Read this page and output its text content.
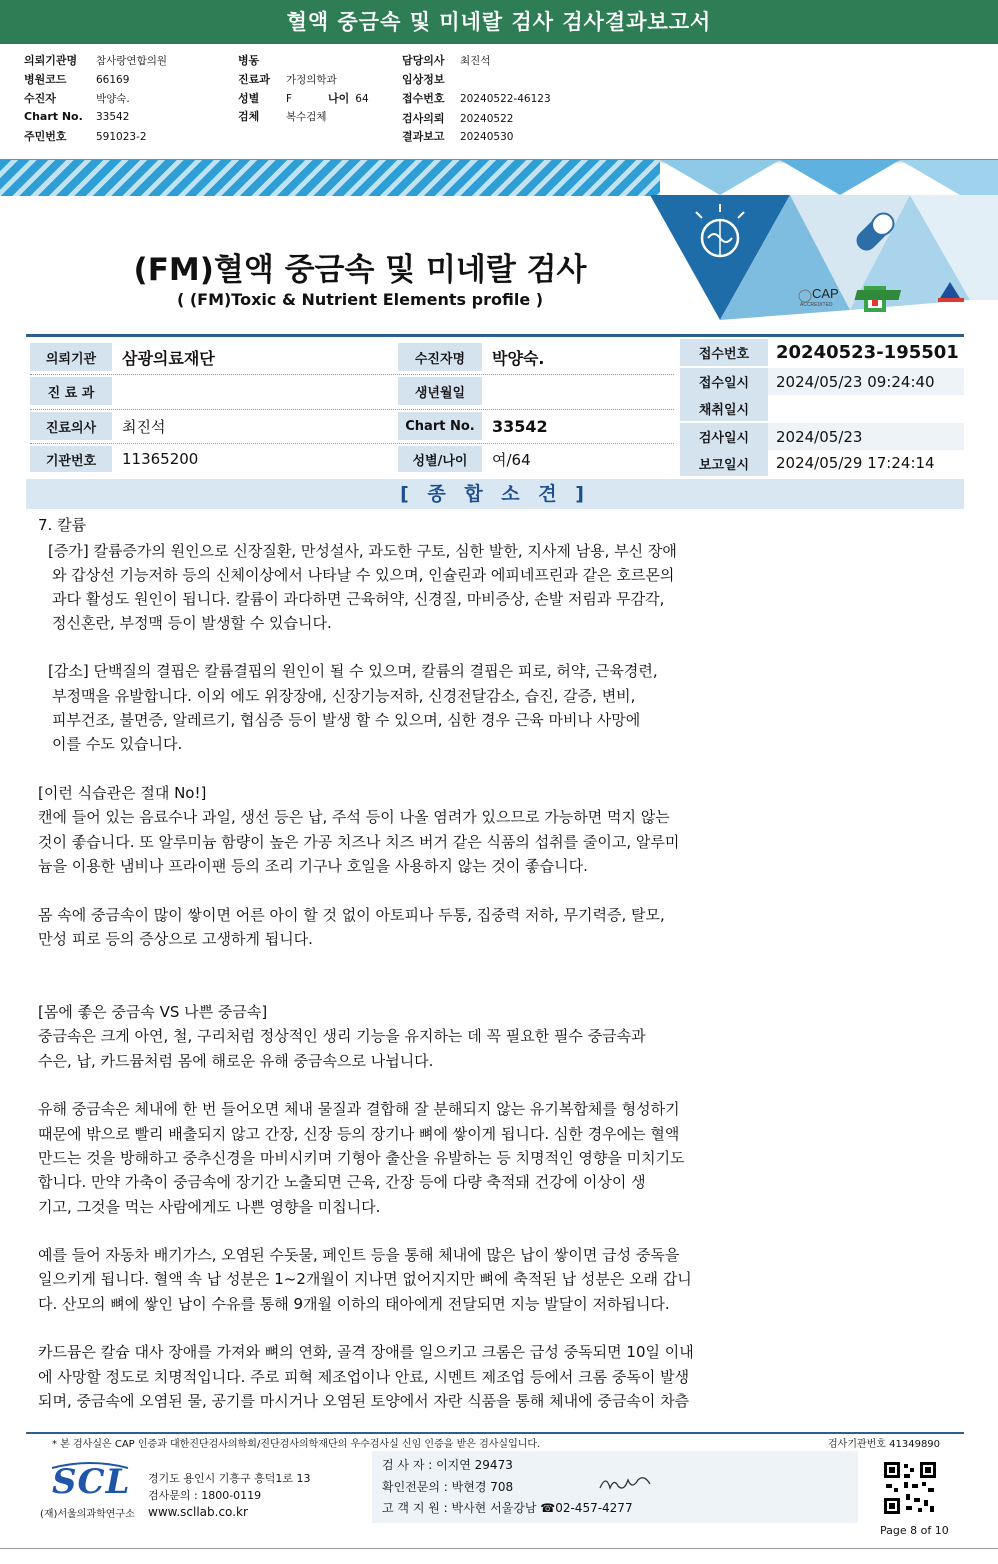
혈액 중금속 및 미네랄 검사 검사결과보고서
의뢰기관명 참사랑연합의원
병원코드	66169
수진자	박양숙.
Chart No. 33542
주민번호	591023-2
병동
진료과 가정의학과
성별	F	나이 64
검체	복수검체
담당의사 최진석
임상정보
접수번호 20240522-46123
검사의뢰 20240522
결과보고 20240530
CAP
ACCREDITED
(FM)혈액 중금속 및 미네랄 검사
( (FM)Toxic & Nutrient Elements profile )
의뢰기관	삼광의료재단
진 료 과
진료의사	최진석
기관번호	11365200
수진자명	박양숙.
생년월일
Chart No.	33542
성별/나이	여/64
접수번호	20240523-195501
접수일시	2024/05/23 09:24:40
채취일시
검사일시	2024/05/23
보고일시	2024/05/29 17:24:14
[ 종 합 소 견 ]
7. 칼륨
[증가] 칼륨증가의 원인으로 신장질환, 만성설사, 과도한 구토, 심한 발한, 지사제 남용, 부신 장애
와 갑상선 기능저하 등의 신체이상에서 나타날 수 있으며, 인슐린과 에피네프린과 같은 호르몬의
과다 활성도 원인이 됩니다. 칼륨이 과다하면 근육허약, 신경질, 마비증상, 손발 저림과 무감각,
정신혼란, 부정맥 등이 발생할 수 있습니다.
[감소] 단백질의 결핍은 칼륨결핍의 원인이 될 수 있으며, 칼륨의 결핍은 피로, 허약, 근육경련,
부정맥을 유발합니다. 이외 에도 위장장애, 신장기능저하, 신경전달감소, 습진, 갈증, 변비,
피부건조, 불면증, 알레르기, 협심증 등이 발생 할 수 있으며, 심한 경우 근육 마비나 사망에
이를 수도 있습니다.
[이런 식습관은 절대 No!]
캔에 들어 있는 음료수나 과일, 생선 등은 납, 주석 등이 나올 염려가 있으므로 가능하면 먹지 않는
것이 좋습니다. 또 알루미늄 함량이 높은 가공 치즈나 치즈 버거 같은 식품의 섭취를 줄이고, 알루미
늄을 이용한 냄비나 프라이팬 등의 조리 기구나 호일을 사용하지 않는 것이 좋습니다.
몸 속에 중금속이 많이 쌓이면 어른 아이 할 것 없이 아토피나 두통, 집중력 저하, 무기력증, 탈모,
만성 피로 등의 증상으로 고생하게 됩니다.
[몸에 좋은 중금속 VS 나쁜 중금속]
중금속은 크게 아연, 철, 구리처럼 정상적인 생리 기능을 유지하는 데 꼭 필요한 필수 중금속과
수은, 납, 카드뮴처럼 몸에 해로운 유해 중금속으로 나뉩니다.
유해 중금속은 체내에 한 번 들어오면 체내 물질과 결합해 잘 분해되지 않는 유기복합체를 형성하기
때문에 밖으로 빨리 배출되지 않고 간장, 신장 등의 장기나 뼈에 쌓이게 됩니다. 심한 경우에는 혈액
만드는 것을 방해하고 중추신경을 마비시키며 기형아 출산을 유발하는 등 치명적인 영향을 미치기도
합니다. 만약 가축이 중금속에 장기간 노출되면 근육, 간장 등에 다량 축적돼 건강에 이상이 생
기고, 그것을 먹는 사람에게도 나쁜 영향을 미칩니다.
예를 들어 자동차 배기가스, 오염된 수돗물, 페인트 등을 통해 체내에 많은 납이 쌓이면 급성 중독을
일으키게 됩니다. 혈액 속 납 성분은 1~2개월이 지나면 없어지지만 뼈에 축적된 납 성분은 오래 갑니
다. 산모의 뼈에 쌓인 납이 수유를 통해 9개월 이하의 태아에게 전달되면 지능 발달이 저하됩니다.
카드뮴은 칼슘 대사 장애를 가져와 뼈의 연화, 골격 장애를 일으키고 크롬은 급성 중독되면 10일 이내
에 사망할 정도로 치명적입니다. 주로 피혁 제조업이나 안료, 시멘트 제조업 등에서 크롬 중독이 발생
되며, 중금속에 오염된 물, 공기를 마시거나 오염된 토양에서 자란 식품을 통해 체내에 중금속이 차츰
* 본 검사실은 CAP 인증과 대한진단검사의학회/진단검사의학재단의 우수검사실 신임 인증을 받은 검사실입니다.	검사기관번호 41349890
SCL
(재)서울의과학연구소
경기도 용인시 기흥구 흥덕1로 13
검사문의 : 1800-0119
www.scllab.co.kr
검 사 자 : 이지연 29473
확인전문의 : 박현경 708
고 객 지 원 : 박사현 서울강남 ☎02-457-4277
Page 8 of 10
